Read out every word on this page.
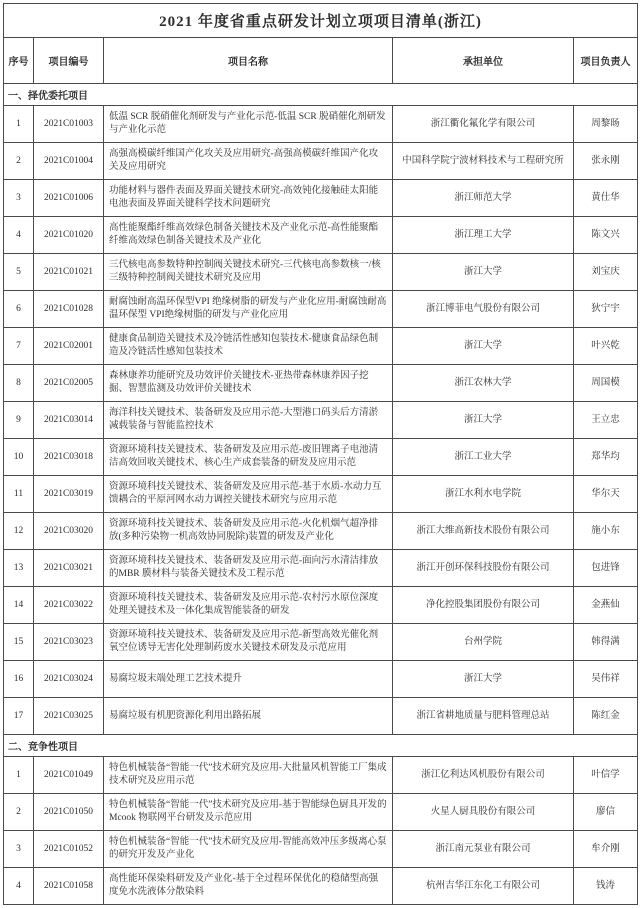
2021 年度省重点研发计划立项项目清单(浙江)				
序号	项目编号	项目名称	承担单位	项目负责人
一、择优委托项目				
1	2021C01003	低温 SCR 脱硝催化剂研发与产业化示范-低温 SCR 脱硝催化剂研发与产业化示范	浙江衢化氟化学有限公司	周黎旸
2	2021C01004	高强高模碳纤维国产化攻关及应用研究-高强高模碳纤维国产化攻关及应用研究	中国科学院宁波材料技术与工程研究所	张永刚
3	2021C01006	功能材料与器件表面及界面关键技术研究-高效钝化接触硅太阳能电池表面及界面关键科学技术问题研究	浙江师范大学	黄仕华
4	2021C01020	高性能聚酯纤维高效绿色制备关键技术及产业化示范-高性能聚酯纤维高效绿色制备关键技术及产业化	浙江理工大学	陈文兴
5	2021C01021	三代核电高参数特种控制阀关键技术研究-三代核电高参数核一/核三级特种控制阀关键技术研究及应用	浙江大学	刘宝庆
6	2021C01028	耐腐蚀耐高温环保型VPI 绝缘树脂的研发与产业化应用-耐腐蚀耐高温环保型 VPI绝缘树脂的研发与产业化应用	浙江博菲电气股份有限公司	狄宁宇
7	2021C02001	健康食品制造关键技术及冷链活性感知包装技术-健康食品绿色制造及冷链活性感知包装技术	浙江大学	叶兴乾
8	2021C02005	森林康养功能研究及功效评价关键技术-亚热带森林康养因子挖掘、智慧监测及功效评价关键技术	浙江农林大学	周国模
9	2021C03014	海洋科技关键技术、装备研发及应用示范-大型港口码头后方清淤减载装备与智能监控技术	浙江大学	王立忠
10	2021C03018	资源环境科技关键技术、装备研发及应用示范-废旧锂离子电池清洁高效回收关键技术、核心生产成套装备的研发及应用示范	浙江工业大学	郑华均
11	2021C03019	资源环境科技关键技术、装备研发及应用示范-基于水质-水动力互馈耦合的平原河网水动力调控关键技术研究与应用示范	浙江水利水电学院	华尔天
12	2021C03020	资源环境科技关键技术、装备研发及应用示范-火化机烟气超净排放(多种污染物一机高效协同脱除)装置的研发及产业化	浙江大维高新技术股份有限公司	施小东
13	2021C03021	资源环境科技关键技术、装备研发及应用示范-面向污水清洁排放的MBR 膜材料与装备关键技术及工程示范	浙江开创环保科技股份有限公司	包进锋
14	2021C03022	资源环境科技关键技术、装备研发及应用示范-农村污水原位深度处理关键技术及一体化集成智能装备的研发	净化控股集团股份有限公司	金燕仙
15	2021C03023	资源环境科技关键技术、装备研发及应用示范-新型高效光催化剂氧空位诱导无害化处理制药废水关键技术研发及示范应用	台州学院	韩得满
16	2021C03024	易腐垃圾末端处理工艺技术提升	浙江大学	吴伟祥
17	2021C03025	易腐垃圾有机肥资源化利用出路拓展	浙江省耕地质量与肥料管理总站	陈红金
二、竞争性项目				
1	2021C01049	特色机械装备“智能一代”技术研究及应用-大批量风机智能工厂集成技术研究及应用示范	浙江亿利达风机股份有限公司	叶信学
2	2021C01050	特色机械装备“智能一代”技术研究及应用-基于智能绿色厨具开发的 Mcook 物联网平台研发及示范应用	火星人厨具股份有限公司	廖信
3	2021C01052	特色机械装备“智能一代”技术研究及应用-智能高效冲压多级离心泵的研究开发及产业化	浙江南元泵业有限公司	牟介刚
4	2021C01058	高性能环保染料研发及产业化-基于全过程环保优化的稳储型高强度免水洗液体分散染料	杭州吉华江东化工有限公司	钱涛
